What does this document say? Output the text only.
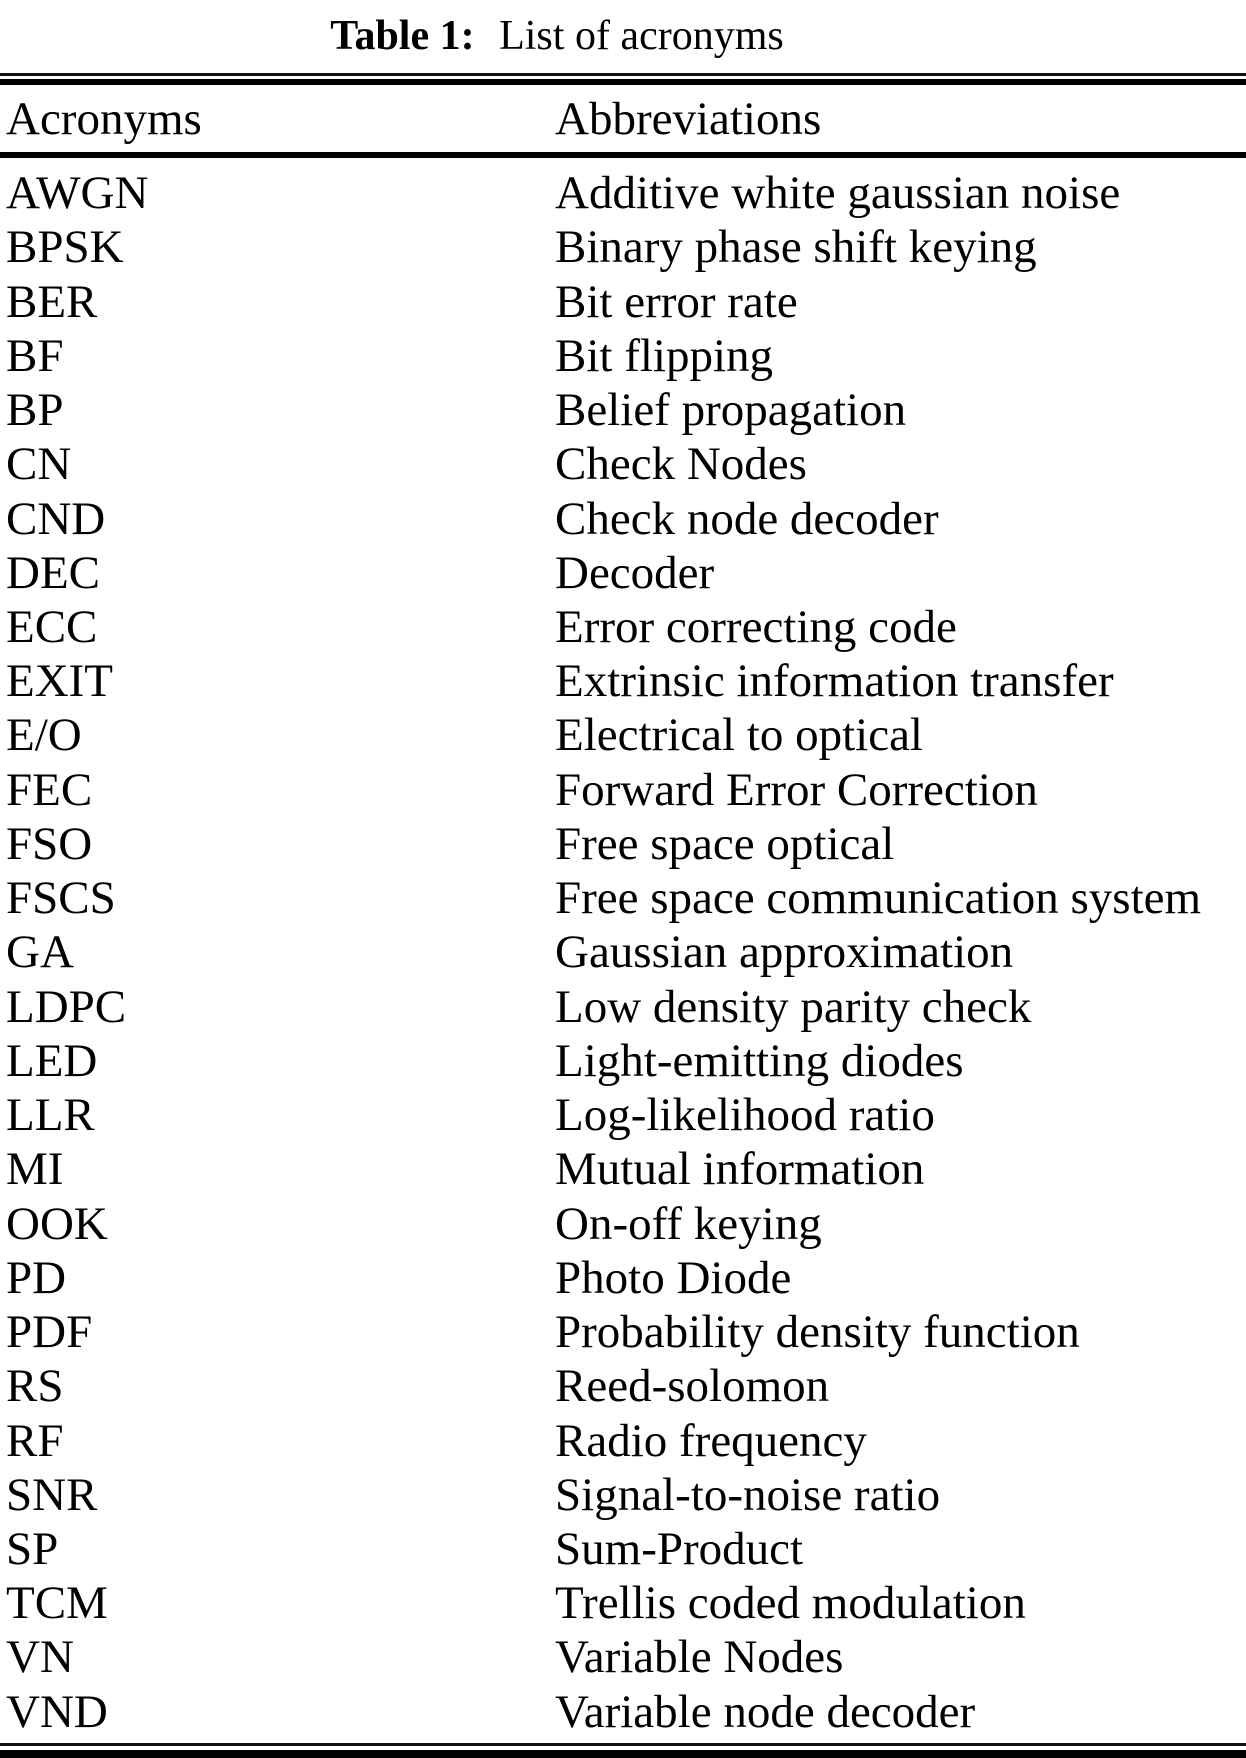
Table 1: List of acronyms
Acronyms	Abbreviations
AWGN	Additive white gaussian noise
BPSK	Binary phase shift keying
BER	Bit error rate
BF	Bit flipping
BP	Belief propagation
CN	Check Nodes
CND	Check node decoder
DEC	Decoder
ECC	Error correcting code
EXIT	Extrinsic information transfer
E/O	Electrical to optical
FEC	Forward Error Correction
FSO	Free space optical
FSCS	Free space communication system
GA	Gaussian approximation
LDPC	Low density parity check
LED	Light-emitting diodes
LLR	Log-likelihood ratio
MI	Mutual information
OOK	On-off keying
PD	Photo Diode
PDF	Probability density function
RS	Reed-solomon
RF	Radio frequency
SNR	Signal-to-noise ratio
SP	Sum-Product
TCM	Trellis coded modulation
VN	Variable Nodes
VND	Variable node decoder
